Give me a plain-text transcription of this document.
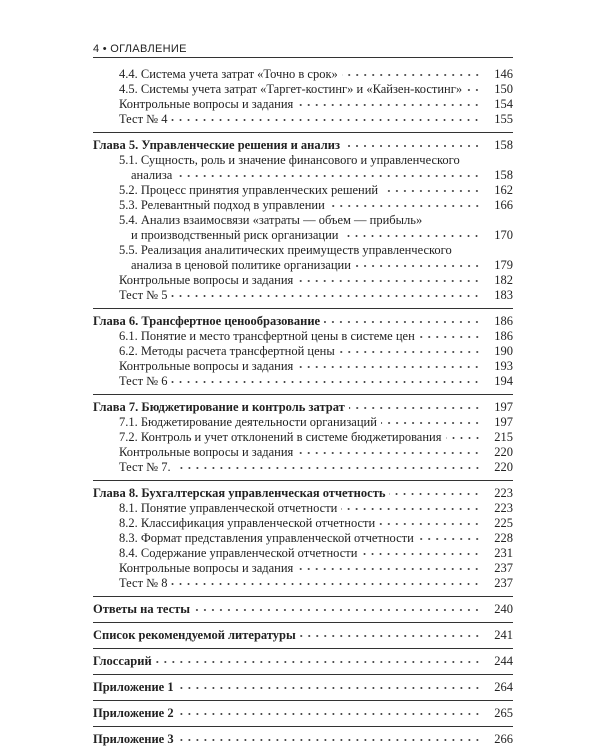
4 • ОГЛАВЛЕНИЕ
4.4. Система учета затрат «Точно в срок»	146
4.5. Системы учета затрат «Таргет-костинг» и «Кайзен-костинг»	150
Контрольные вопросы и задания	154
Тест № 4	155
Глава 5. Управленческие решения и анализ	158
5.1. Сущность, роль и значение финансового и управленческого
анализа	158
5.2. Процесс принятия управленческих решений	162
5.3. Релевантный подход в управлении	166
5.4. Анализ взаимосвязи «затраты — объем — прибыль»
и производственный риск организации	170
5.5. Реализация аналитических преимуществ управленческого
анализа в ценовой политике организации	179
Контрольные вопросы и задания	182
Тест № 5	183
Глава 6. Трансфертное ценообразование	186
6.1. Понятие и место трансфертной цены в системе цен	186
6.2. Методы расчета трансфертной цены	190
Контрольные вопросы и задания	193
Тест № 6	194
Глава 7. Бюджетирование и контроль затрат	197
7.1. Бюджетирование деятельности организаций	197
7.2. Контроль и учет отклонений в системе бюджетирования	215
Контрольные вопросы и задания	220
Тест № 7.	220
Глава 8. Бухгалтерская управленческая отчетность	223
8.1. Понятие управленческой отчетности	223
8.2. Классификация управленческой отчетности	225
8.3. Формат представления управленческой отчетности	228
8.4. Содержание управленческой отчетности	231
Контрольные вопросы и задания	237
Тест № 8	237
Ответы на тесты	240
Список рекомендуемой литературы	241
Глоссарий	244
Приложение 1	264
Приложение 2	265
Приложение 3	266
